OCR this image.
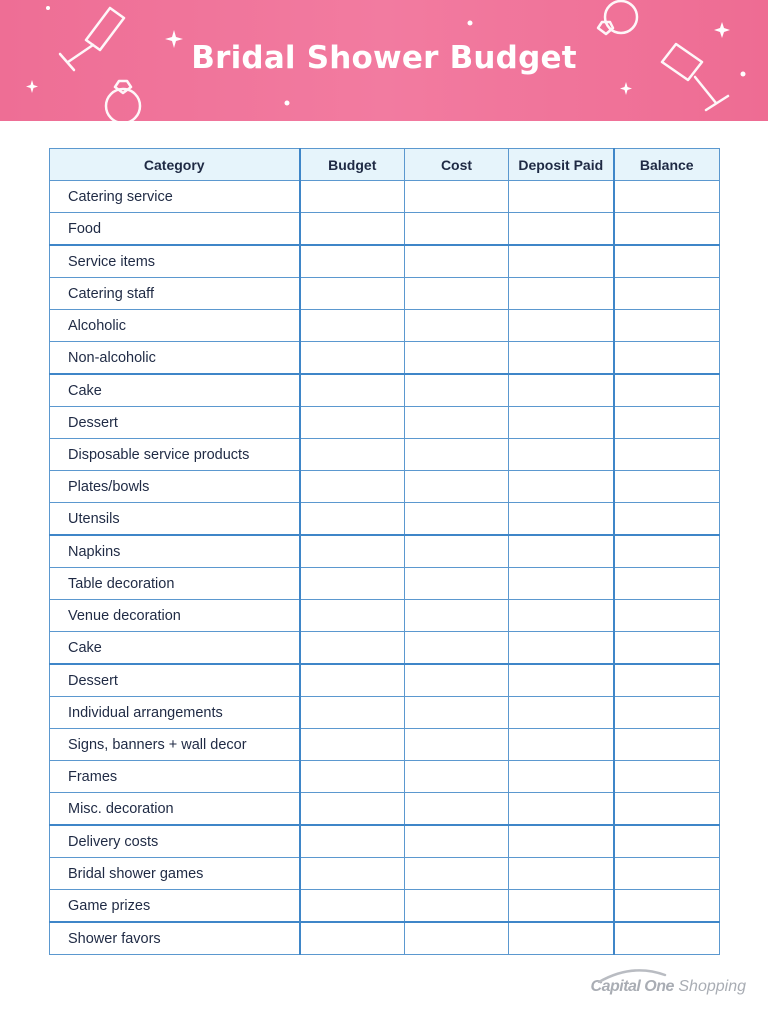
Bridal Shower Budget
Category	Budget	Cost	Deposit Paid	Balance
Catering service				
Food				
Service items				
Catering staff				
Alcoholic				
Non-alcoholic				
Cake				
Dessert				
Disposable service products				
Plates/bowls				
Utensils				
Napkins				
Table decoration				
Venue decoration				
Cake				
Dessert				
Individual arrangements				
Signs, banners + wall decor				
Frames				
Misc. decoration				
Delivery costs				
Bridal shower games				
Game prizes				
Shower favors				
Capital One Shopping
